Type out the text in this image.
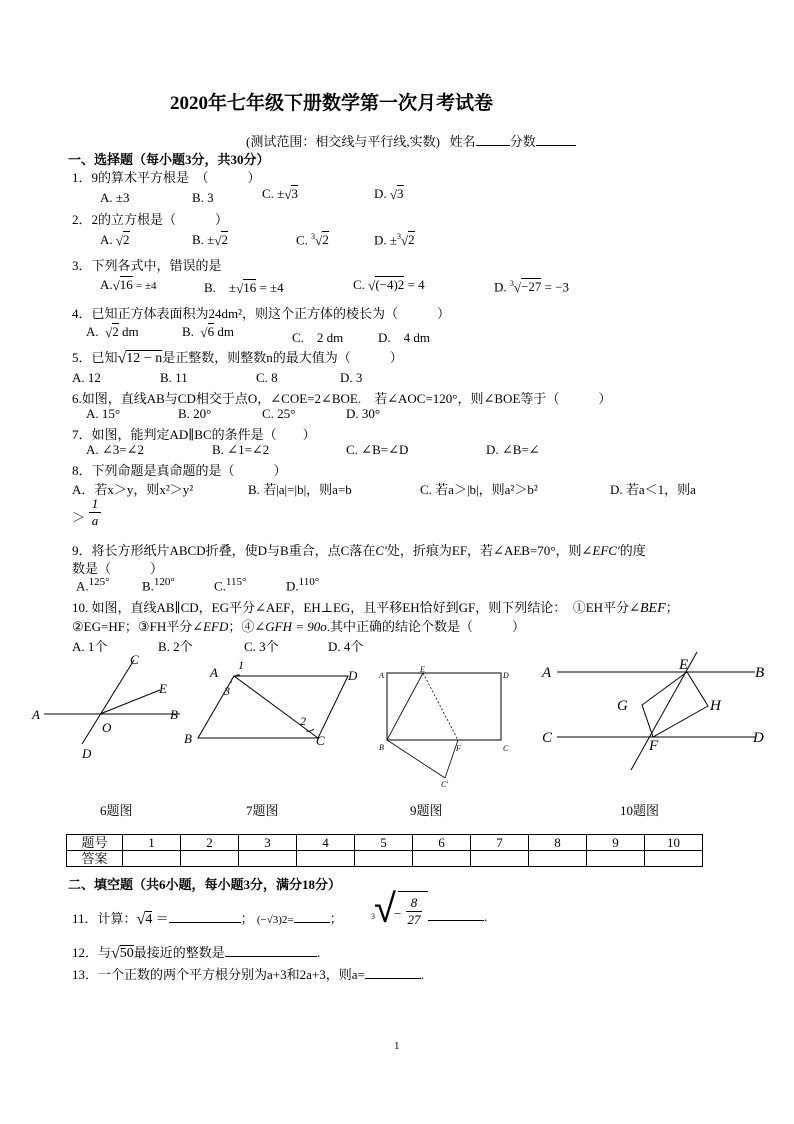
2020年七年级下册数学第一次月考试卷
(测试范围：相交线与平行线,实数) 姓名	分数
一、选择题（每小题3分，共30分）
1．9的算术平方根是　（　　　）
A. ±3	B. 3	C. ±√3	D. √3
2．2的立方根是（　　　）
A. √2	B. ±√2	C. $^3$√2	D. ±$^3$√2
3．下列各式中，错误的是
A.√16 = ±4	B.　±√16 = ±4	C. √(−4)2 = 4	D. $^3$√−27 = −3
4．已知正方体表面积为24dm²，则这个正方体的棱长为（　　　）
A. √2 dm	B. √6 dm	C.　2 dm	D.　4 dm
5．已知√12 − n是正整数，则整数n的最大值为（　　　）
A. 12	B. 11	C. 8	D. 3
6.如图，直线AB与CD相交于点O，∠COE=2∠BOE.　若∠AOC=120°，则∠BOE等于（　　　）
A. 15°	B. 20°	C. 25°	D. 30°
7．如图，能判定AD∥BC的条件是（　　）
A. ∠3=∠2	B. ∠1=∠2	C. ∠B=∠D	D. ∠B=∠
8．下列命题是真命题的是（　　　）
A．若x＞y，则x²＞y²	B. 若|a|=|b|，则a=b	C. 若a＞|b|，则a²＞b²	D. 若a＜1，则a
＞ $\frac{1}{a}$
9．将长方形纸片ABCD折叠，使D与B重合，点C落在C′处，折痕为EF，若∠AEB=70°，则∠EFC′的度
数是（　　　）
A.$^{125^\circ}$ B.$^{120^\circ}$	C.$^{115^\circ}$	D.$^{110^\circ}$
10. 如图，直线AB∥CD，EG平分∠AEF，EH⊥EG，且平移EH恰好到GF，则下列结论：　①EH平分∠BEF；
②EG=HF；③FH平分∠EFD；④∠GFH = 90o.其中正确的结论个数是（　　　）
A. 1个	B. 2个	C. 3个	D. 4个
A	B
C
D
E
O
6题图
A	D
B	C
1
3
2
7题图
A
E
D
B	F	C
C′
9题图
A	B
C	D
E
F
G	H
10题图
题号	1	2	3	4	5	6	7	8	9	10
答案										
二、填空题（共6小题，每小题3分，满分18分）
11．计算：√4 ＝	； (−√3)2=	；	3 √
− $\frac{8}{27}$	.
12．与√50最接近的整数是	.
13．一个正数的两个平方根分别为a+3和2a+3，则a=	.
1
